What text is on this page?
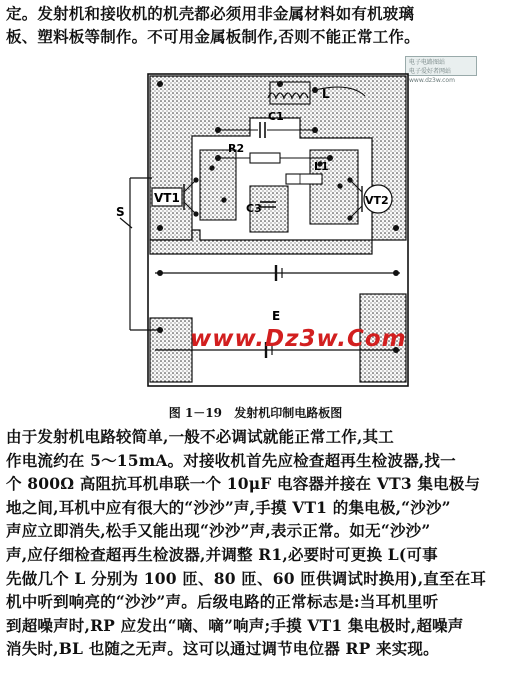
定。发射机和接收机的机壳都必须用非金属材料如有机玻璃
板、塑料板等制作。不可用金属板制作,否则不能正常工作。

电子电路图站
电子爱好者网站
www.dz3w.com
L
C1
R2
L1
C3
VT1	VT2
S
E
www.Dz3w.Com
图 1－19 发射机印制电路板图

由于发射机电路较简单,一般不必调试就能正常工作,其工
作电流约在 5～15mA。对接收机首先应检查超再生检波器,找一
个 800Ω 高阻抗耳机串联一个 10μF 电容器并接在 VT3 集电极与
地之间,耳机中应有很大的“沙沙”声,手摸 VT1 的集电极,“沙沙”
声应立即消失,松手又能出现“沙沙”声,表示正常。如无“沙沙”
声,应仔细检查超再生检波器,并调整 R1,必要时可更换 L(可事
先做几个 L 分别为 100 匝、80 匝、60 匝供调试时换用),直至在耳
机中听到响亮的“沙沙”声。后级电路的正常标志是:当耳机里听
到超噪声时,RP 应发出“嘀、嘀”响声;手摸 VT1 集电极时,超噪声
消失时,BL 也随之无声。这可以通过调节电位器 RP 来实现。
